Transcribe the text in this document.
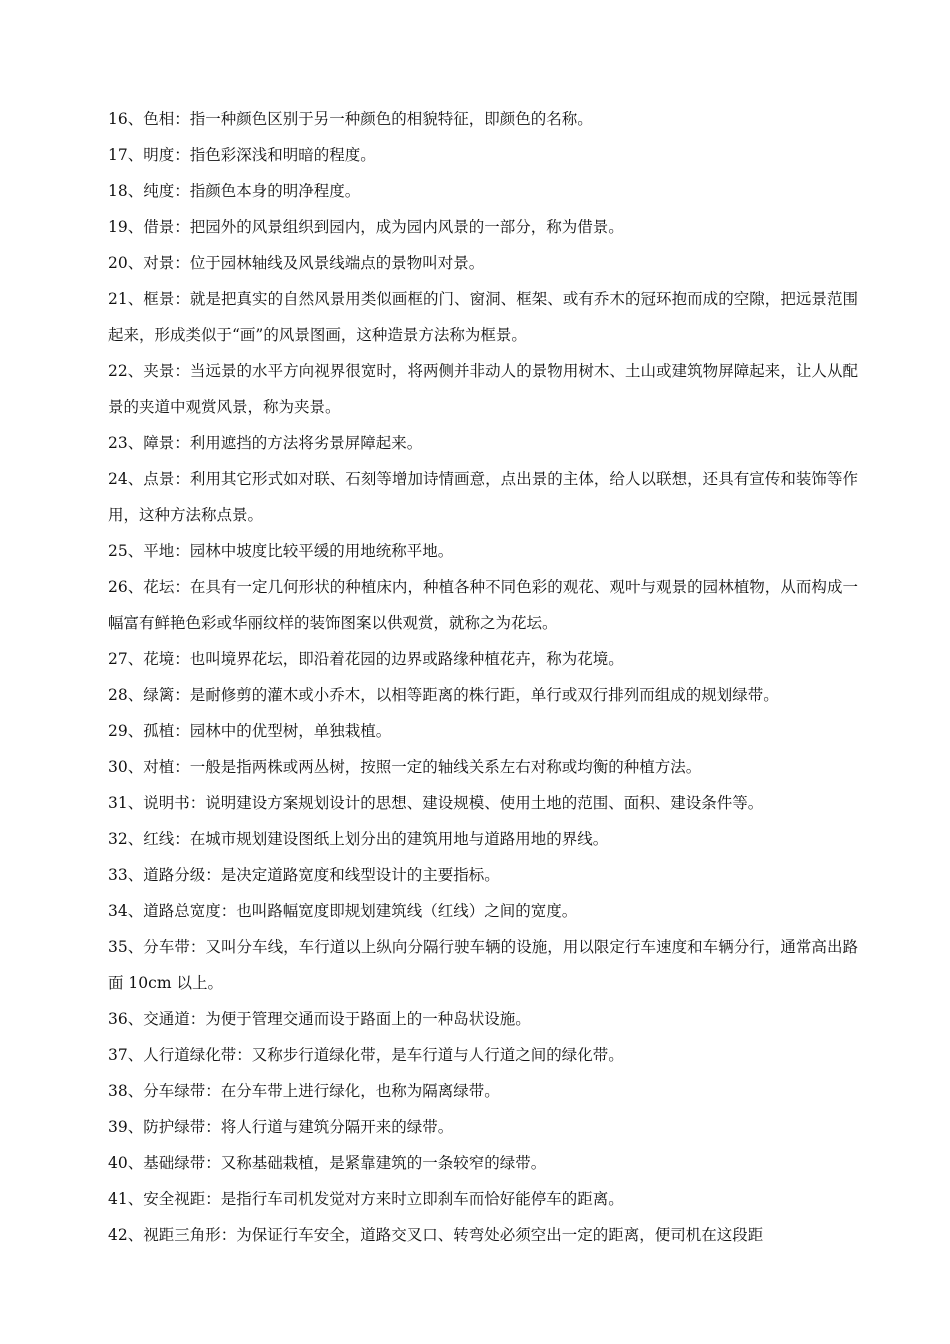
16、色相：指一种颜色区别于另一种颜色的相貌特征，即颜色的名称。

17、明度：指色彩深浅和明暗的程度。

18、纯度：指颜色本身的明净程度。

19、借景：把园外的风景组织到园内，成为园内风景的一部分，称为借景。

20、对景：位于园林轴线及风景线端点的景物叫对景。

21、框景：就是把真实的自然风景用类似画框的门、窗洞、框架、或有乔木的冠环抱而成的空隙，把远景范围起来，形成类似于“画”的风景图画，这种造景方法称为框景。

22、夹景：当远景的水平方向视界很宽时，将两侧并非动人的景物用树木、土山或建筑物屏障起来，让人从配景的夹道中观赏风景，称为夹景。

23、障景：利用遮挡的方法将劣景屏障起来。

24、点景：利用其它形式如对联、石刻等增加诗情画意，点出景的主体，给人以联想，还具有宣传和装饰等作用，这种方法称点景。

25、平地：园林中坡度比较平缓的用地统称平地。

26、花坛：在具有一定几何形状的种植床内，种植各种不同色彩的观花、观叶与观景的园林植物，从而构成一幅富有鲜艳色彩或华丽纹样的装饰图案以供观赏，就称之为花坛。

27、花境：也叫境界花坛，即沿着花园的边界或路缘种植花卉，称为花境。

28、绿篱：是耐修剪的灌木或小乔木，以相等距离的株行距，单行或双行排列而组成的规划绿带。

29、孤植：园林中的优型树，单独栽植。

30、对植：一般是指两株或两丛树，按照一定的轴线关系左右对称或均衡的种植方法。

31、说明书：说明建设方案规划设计的思想、建设规模、使用土地的范围、面积、建设条件等。

32、红线：在城市规划建设图纸上划分出的建筑用地与道路用地的界线。

33、道路分级：是决定道路宽度和线型设计的主要指标。

34、道路总宽度：也叫路幅宽度即规划建筑线（红线）之间的宽度。

35、分车带：又叫分车线，车行道以上纵向分隔行驶车辆的设施，用以限定行车速度和车辆分行，通常高出路面 10cm 以上。

36、交通道：为便于管理交通而设于路面上的一种岛状设施。

37、人行道绿化带：又称步行道绿化带，是车行道与人行道之间的绿化带。

38、分车绿带：在分车带上进行绿化，也称为隔离绿带。

39、防护绿带：将人行道与建筑分隔开来的绿带。

40、基础绿带：又称基础栽植，是紧靠建筑的一条较窄的绿带。

41、安全视距：是指行车司机发觉对方来时立即刹车而恰好能停车的距离。

42、视距三角形：为保证行车安全，道路交叉口、转弯处必须空出一定的距离，便司机在这段距
